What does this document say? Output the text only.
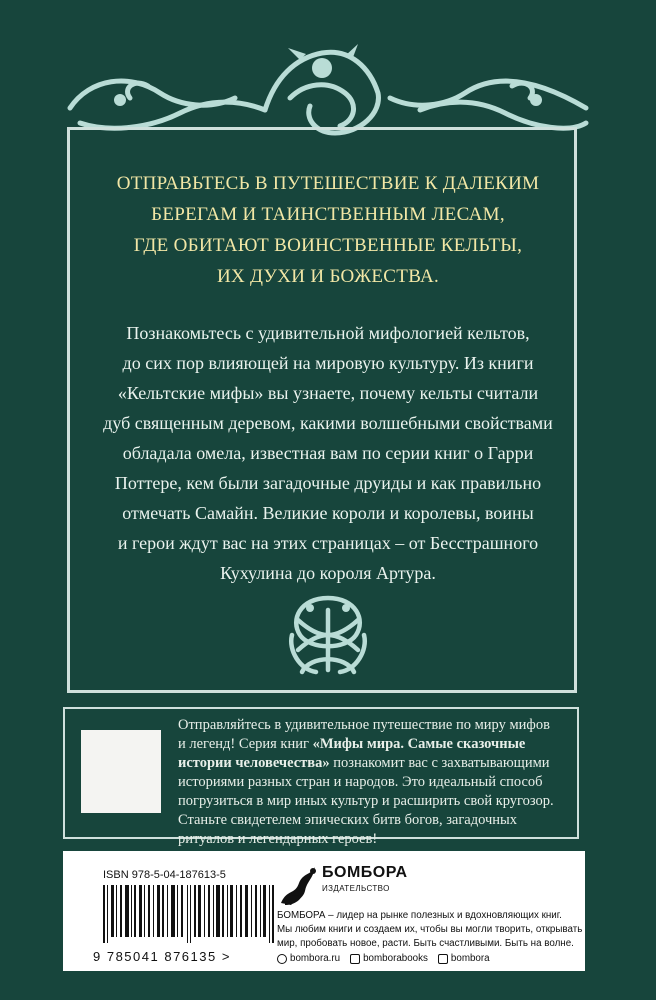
ОТПРАВЬТЕСЬ В ПУТЕШЕСТВИЕ К ДАЛЕКИМ
БЕРЕГАМ И ТАИНСТВЕННЫМ ЛЕСАМ,
ГДЕ ОБИТАЮТ ВОИНСТВЕННЫЕ КЕЛЬТЫ,
ИХ ДУХИ И БОЖЕСТВА.
Познакомьтесь с удивительной мифологией кельтов,
до сих пор влияющей на мировую культуру. Из книги
«Кельтские мифы» вы узнаете, почему кельты считали
дуб священным деревом, какими волшебными свойствами
обладала омела, известная вам по серии книг о Гарри
Поттере, кем были загадочные друиды и как правильно
отмечать Самайн. Великие короли и королевы, воины
и герои ждут вас на этих страницах – от Бесстрашного
Кухулина до короля Артура.
Отправляйтесь в удивительное путешествие по миру мифов
и легенд! Серия книг «Мифы мира. Самые сказочные
истории человечества» познакомит вас с захватывающими
историями разных стран и народов. Это идеальный способ
погрузиться в мир иных культур и расширить свой кругозор.
Станьте свидетелем эпических битв богов, загадочных
ритуалов и легендарных героев!
ISBN 978-5-04-187613-5
9 785041 876135 >
БОМБОРА
ИЗДАТЕЛЬСТВО
БОМБОРА – лидер на рынке полезных и вдохновляющих книг.
Мы любим книги и создаем их, чтобы вы могли творить, открывать
мир, пробовать новое, расти. Быть счастливыми. Быть на волне.
bombora.ru bomborabooks bombora
